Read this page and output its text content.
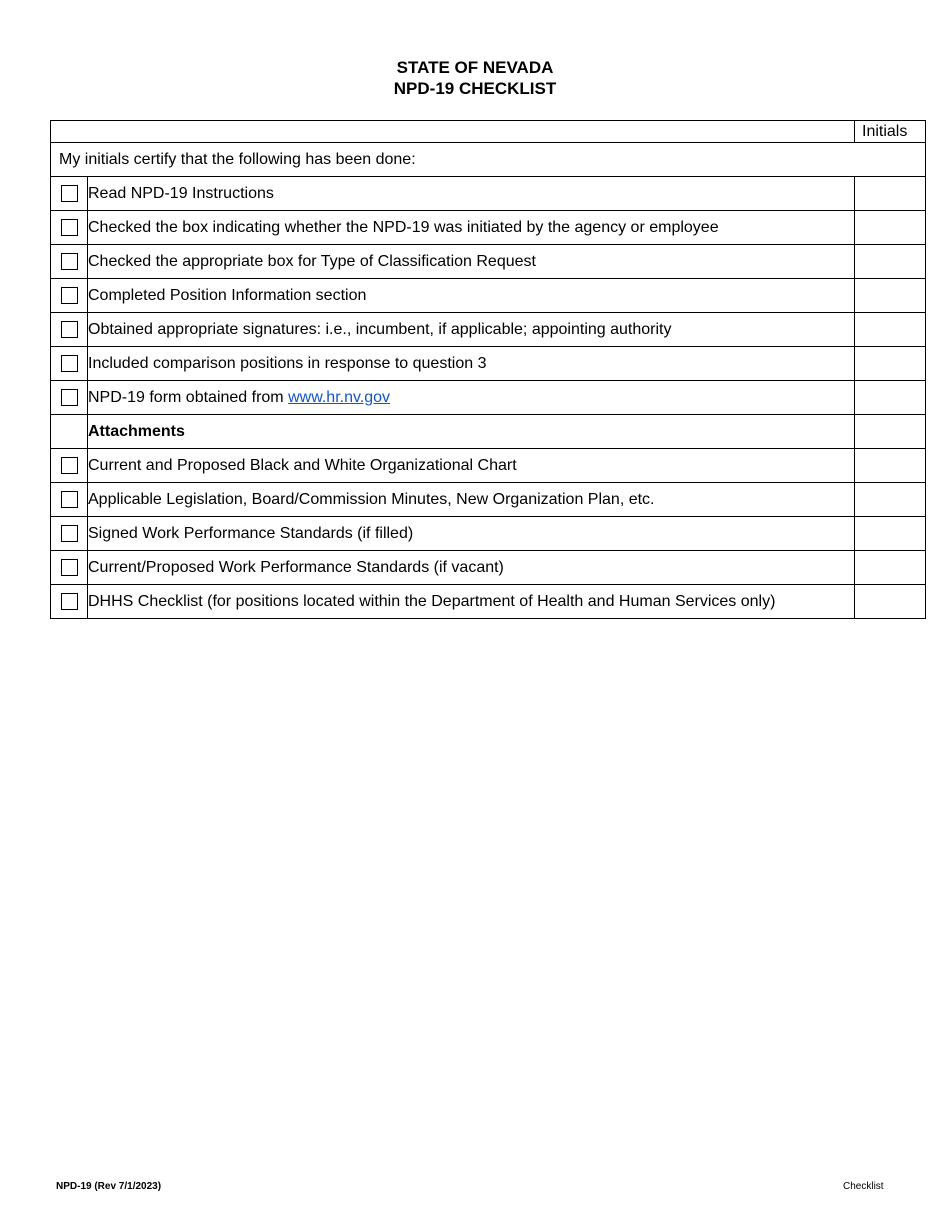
STATE OF NEVADA
NPD-19 CHECKLIST
		Initials
My initials certify that the following has been done:		
	Read NPD-19 Instructions	
	Checked the box indicating whether the NPD-19 was initiated by the agency or employee	
	Checked the appropriate box for Type of Classification Request	
	Completed Position Information section	
	Obtained appropriate signatures: i.e., incumbent, if applicable; appointing authority	
	Included comparison positions in response to question 3	
	NPD-19 form obtained from www.hr.nv.gov	
	Attachments	
	Current and Proposed Black and White Organizational Chart	
	Applicable Legislation, Board/Commission Minutes, New Organization Plan, etc.	
	Signed Work Performance Standards (if filled)	
	Current/Proposed Work Performance Standards (if vacant)	
	DHHS Checklist (for positions located within the Department of Health and Human Services only)	
NPD-19 (Rev 7/1/2023)	Checklist
